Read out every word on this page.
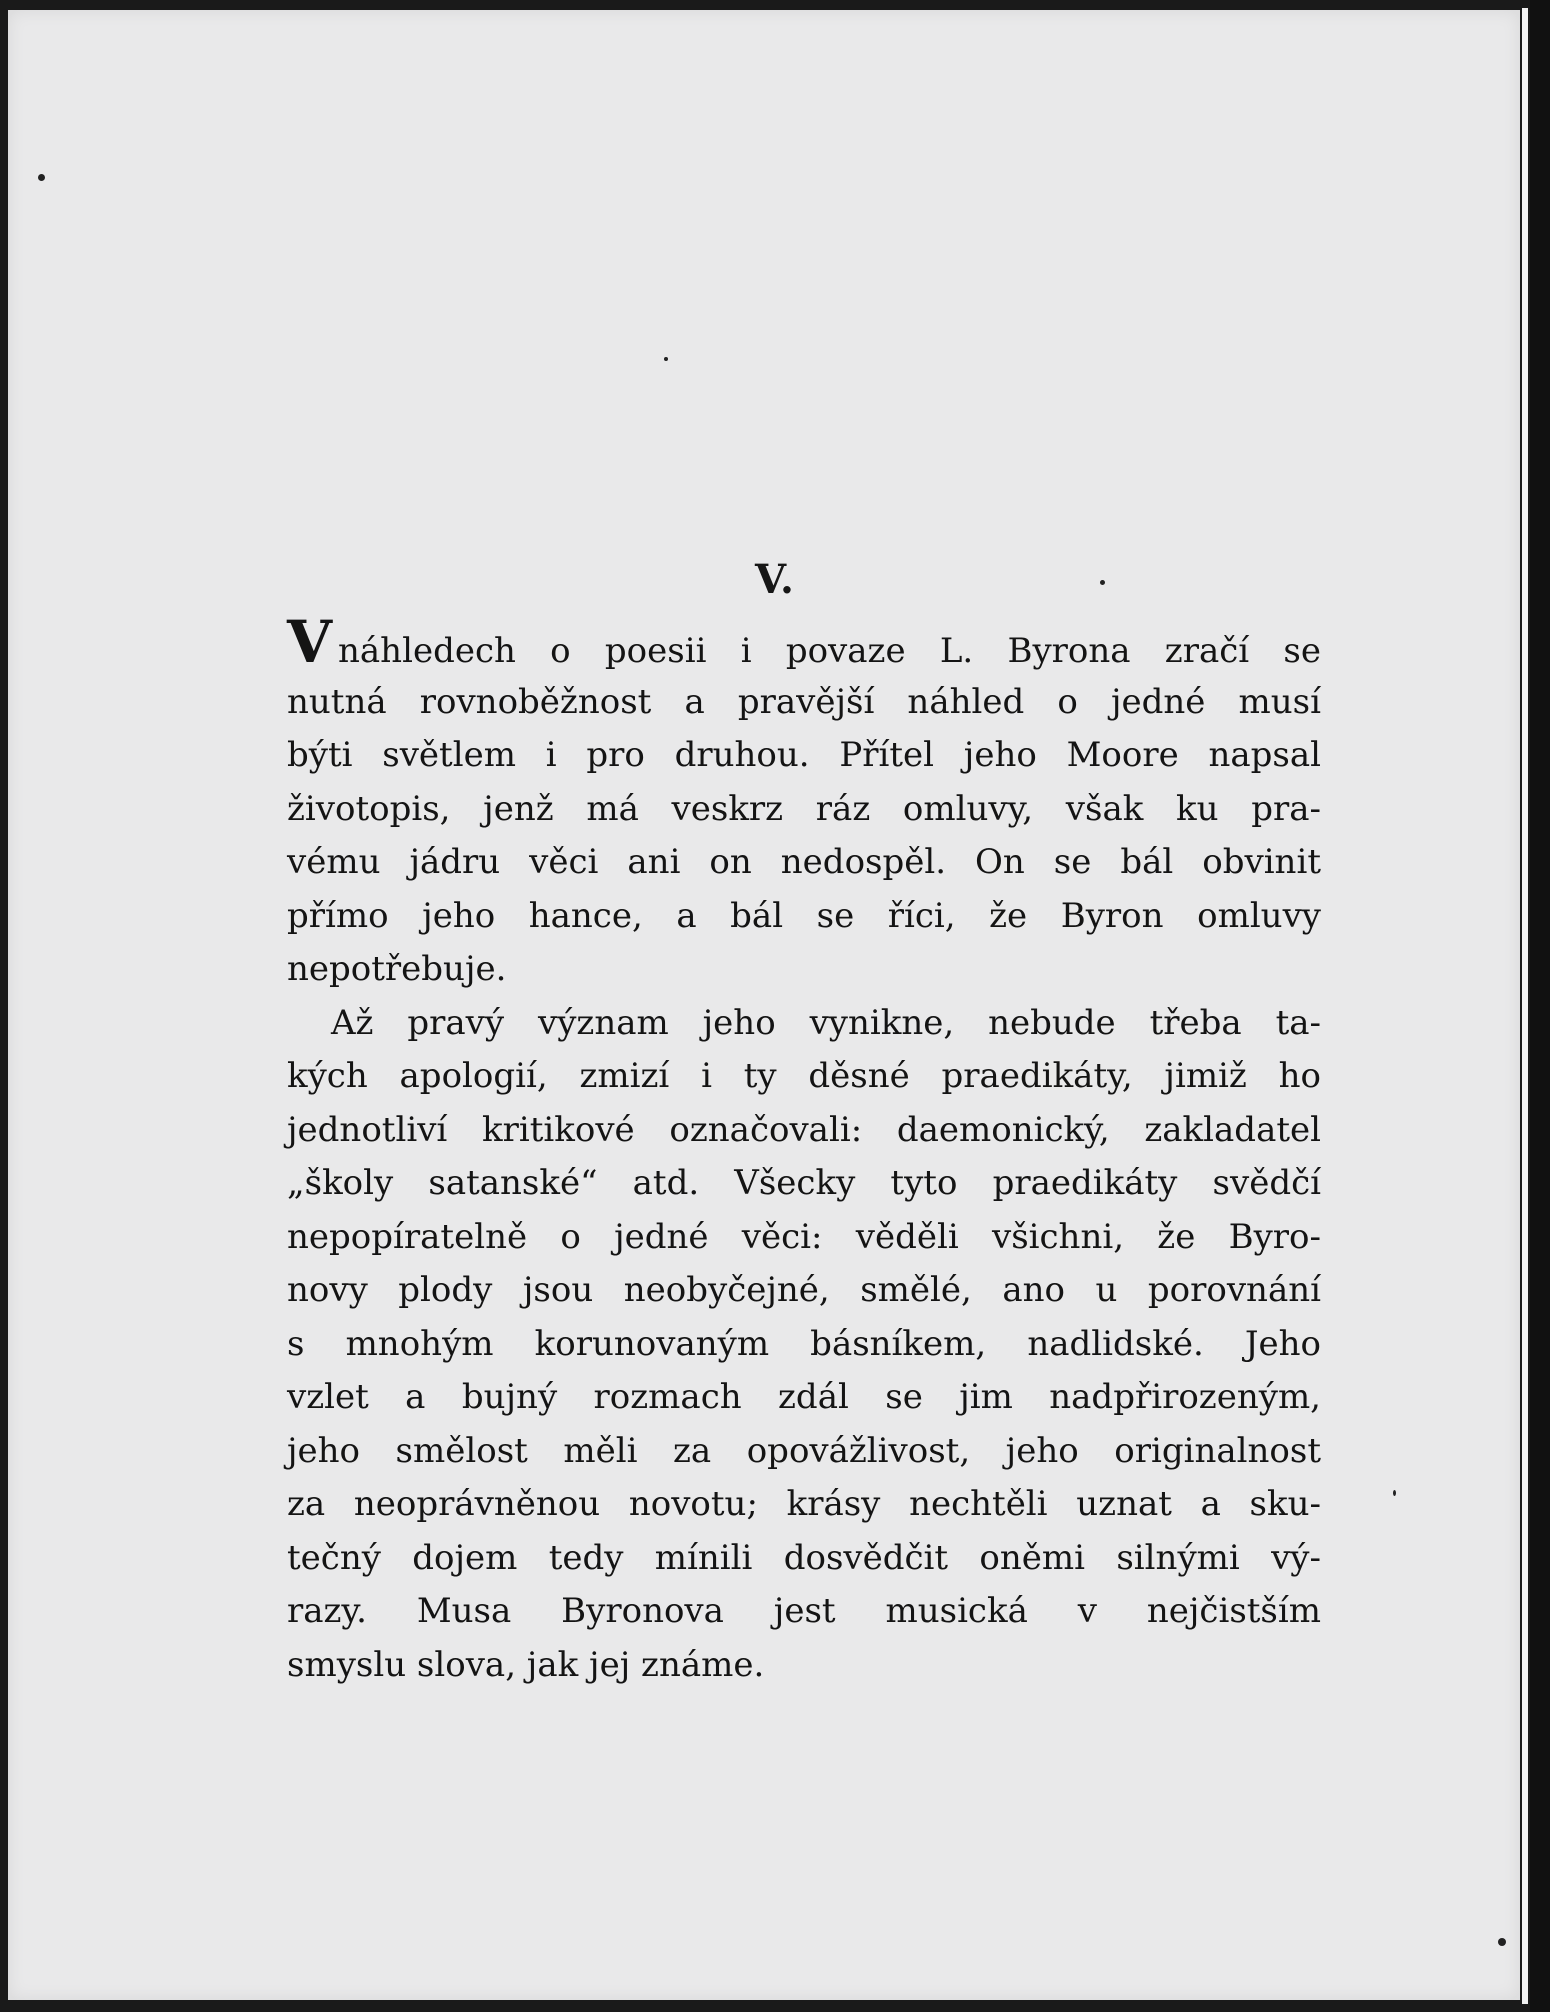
V.
Vnáhledech o poesii i povaze L. Byrona zračí se
nutná rovnoběžnost a pravější náhled o jedné musí
býti světlem i pro druhou. Přítel jeho Moore napsal
životopis, jenž má veskrz ráz omluvy, však ku pra-
vému jádru věci ani on nedospěl. On se bál obvinit
přímo jeho hance, a bál se říci, že Byron omluvy
nepotřebuje.
Až pravý význam jeho vynikne, nebude třeba ta-
kých apologií, zmizí i ty děsné praedikáty, jimiž ho
jednotliví kritikové označovali: daemonický, zakladatel
„školy satanské“ atd. Všecky tyto praedikáty svědčí
nepopíratelně o jedné věci: věděli všichni, že Byro-
novy plody jsou neobyčejné, smělé, ano u porovnání
s mnohým korunovaným básníkem, nadlidské. Jeho
vzlet a bujný rozmach zdál se jim nadpřirozeným,
jeho smělost měli za opovážlivost, jeho originalnost
za neoprávněnou novotu; krásy nechtěli uznat a sku-
tečný dojem tedy mínili dosvědčit oněmi silnými vý-
razy. Musa Byronova jest musická v nejčistším
smyslu slova, jak jej známe.
